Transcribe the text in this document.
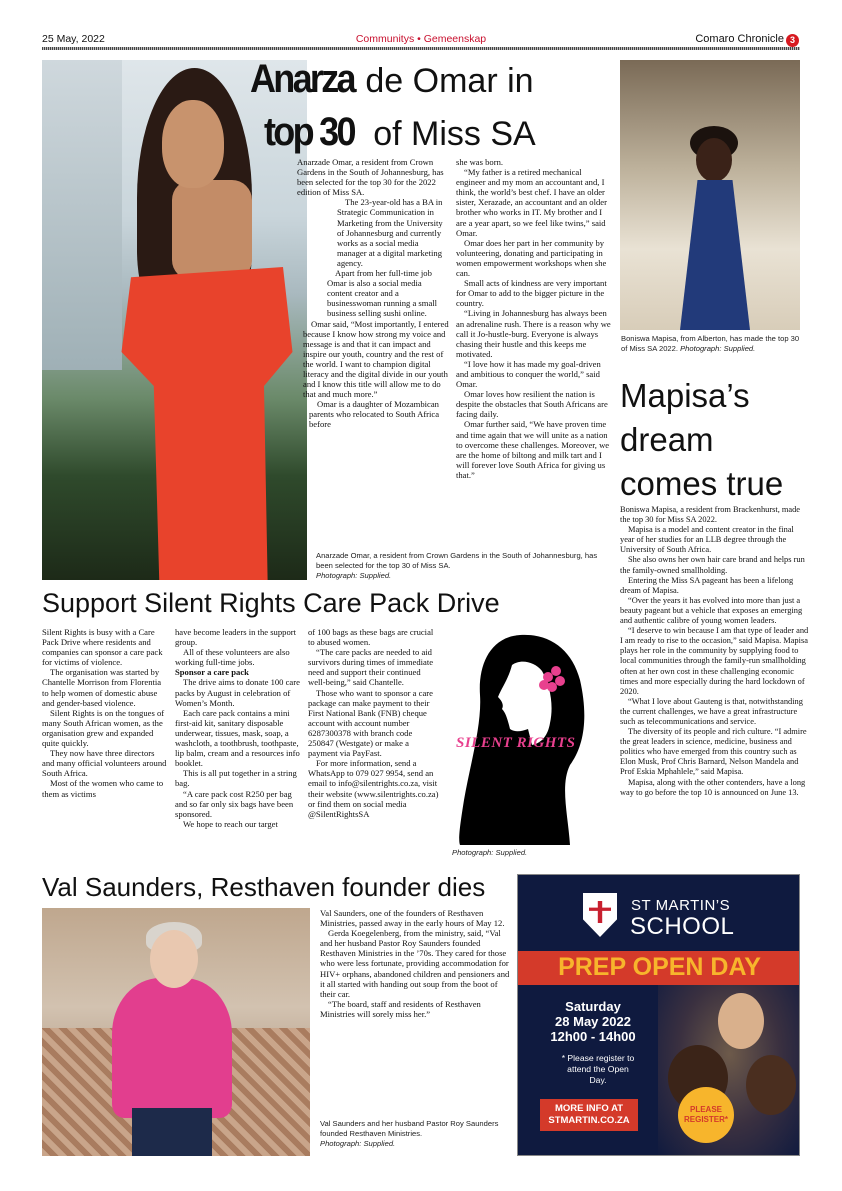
25 May, 2022	Communitys • Gemeenskap	Comaro Chronicle 3
Anarza de Omar in
top 30 of Miss SA

Anarzade Omar, a resident from Crown Gardens in the South of Johannesburg, has been selected for the top 30 for the 2022 edition of Miss SA.

The 23-year-old has a BA in Strategic Communication in Marketing from the University of Johannesburg and currently works as a social media manager at a digital marketing agency.

Apart from her full-time job Omar is also a social media content creator and a businesswoman running a small business selling sushi online.

Omar said, “Most importantly, I entered because I know how strong my voice and message is and that it can impact and inspire our youth, country and the rest of the world. I want to champion digital literacy and the digital divide in our youth and I know this title will allow me to do that and much more.”

Omar is a daughter of Mozambican parents who relocated to South Africa before

she was born.

“My father is a retired mechanical engineer and my mom an accountant and, I think, the world’s best chef. I have an older sister, Xerazade, an accountant and an older brother who works in IT. My brother and I are a year apart, so we feel like twins,” said Omar.

Omar does her part in her community by volunteering, donating and participating in women empowerment workshops when she can.

Small acts of kindness are very important for Omar to add to the bigger picture in the country.

“Living in Johannesburg has always been an adrenaline rush. There is a reason why we call it Jo-hustle-burg. Everyone is always chasing their hustle and this keeps me motivated.

“I love how it has made my goal-driven and ambitious to conquer the world,” said Omar.

Omar loves how resilient the nation is despite the obstacles that South Africans are facing daily.

Omar further said, “We have proven time and time again that we will unite as a nation to overcome these challenges. Moreover, we are the home of biltong and milk tart and I will forever love South Africa for giving us that.”

Anarzade Omar, a resident from Crown Gardens in the South of Johannesburg, has been selected for the top 30 of Miss SA.
Photograph: Supplied.
Boniswa Mapisa, from Alberton, has made the top 30 of Miss SA 2022. Photograph: Supplied.
Mapisa’s
dream
comes true

Boniswa Mapisa, a resident from Brackenhurst, made the top 30 for Miss SA 2022.

Mapisa is a model and content creator in the final year of her studies for an LLB degree through the University of South Africa.

She also owns her own hair care brand and helps run the family-owned smallholding.

Entering the Miss SA pageant has been a lifelong dream of Mapisa.

“Over the years it has evolved into more than just a beauty pageant but a vehicle that exposes an emerging and authentic calibre of young women leaders.

“I deserve to win because I am that type of leader and I am ready to rise to the occasion,” said Mapisa. Mapisa plays her role in the community by supplying food to local communities through the family-run smallholding often at her own cost in these challenging economic times and more especially during the hard lockdown of 2020.

“What I love about Gauteng is that, notwithstanding the current challenges, we have a great infrastructure such as telecommunications and service.

The diversity of its people and rich culture. “I admire the great leaders in science, medicine, business and politics who have emerged from this country such as Elon Musk, Prof Chris Barnard, Nelson Mandela and Prof Eskia Mphahlele,” said Mapisa.

Mapisa, along with the other contenders, have a long way to go before the top 10 is announced on June 13.

Support Silent Rights Care Pack Drive

Silent Rights is busy with a Care Pack Drive where residents and companies can sponsor a care pack for victims of violence.

The organisation was started by Chantelle Morrison from Florentia to help women of domestic abuse and gender-based violence.

Silent Rights is on the tongues of many South African women, as the organisation grew and expanded quite quickly.

They now have three directors and many official volunteers around South Africa.

Most of the women who came to them as victims

have become leaders in the support group.

All of these volunteers are also working full-time jobs.

Sponsor a care pack

The drive aims to donate 100 care packs by August in celebration of Women’s Month.

Each care pack contains a mini first-aid kit, sanitary disposable underwear, tissues, mask, soap, a washcloth, a toothbrush, toothpaste, lip balm, cream and a resources info booklet.

This is all put together in a string bag.

“A care pack cost R250 per bag and so far only six bags have been sponsored.

We hope to reach our target

of 100 bags as these bags are crucial to abused women.

“The care packs are needed to aid survivors during times of immediate need and support their continued well-being,” said Chantelle.

Those who want to sponsor a care package can make payment to their First National Bank (FNB) cheque account with account number 6287300378 with branch code 250847 (Westgate) or make a payment via PayFast.

For more information, send a WhatsApp to 079 027 9954, send an email to info@silentrights.co.za, visit their website (www.silentrights.co.za) or find them on social media @SilentRightsSA

SILENT RIGHTS
Photograph: Supplied.
Val Saunders, Resthaven founder dies

Val Saunders, one of the founders of Resthaven Ministries, passed away in the early hours of May 12.

Gerda Koegelenberg, from the ministry, said, “Val and her husband Pastor Roy Saunders founded Resthaven Ministries in the ’70s. They cared for those who were less fortunate, providing accommodation for HIV+ orphans, abandoned children and pensioners and it all started with handing out soup from the boot of their car.

“The board, staff and residents of Resthaven Ministries will sorely miss her.”

Val Saunders and her husband Pastor Roy Saunders founded Resthaven Ministries.
Photograph: Supplied.
ST MARTIN’S
SCHOOL
PREP OPEN DAY
Saturday
28 May 2022
12h00 - 14h00
* Please register to attend the Open Day.
MORE INFO AT STMARTIN.CO.ZA
PLEASE REGISTER*
